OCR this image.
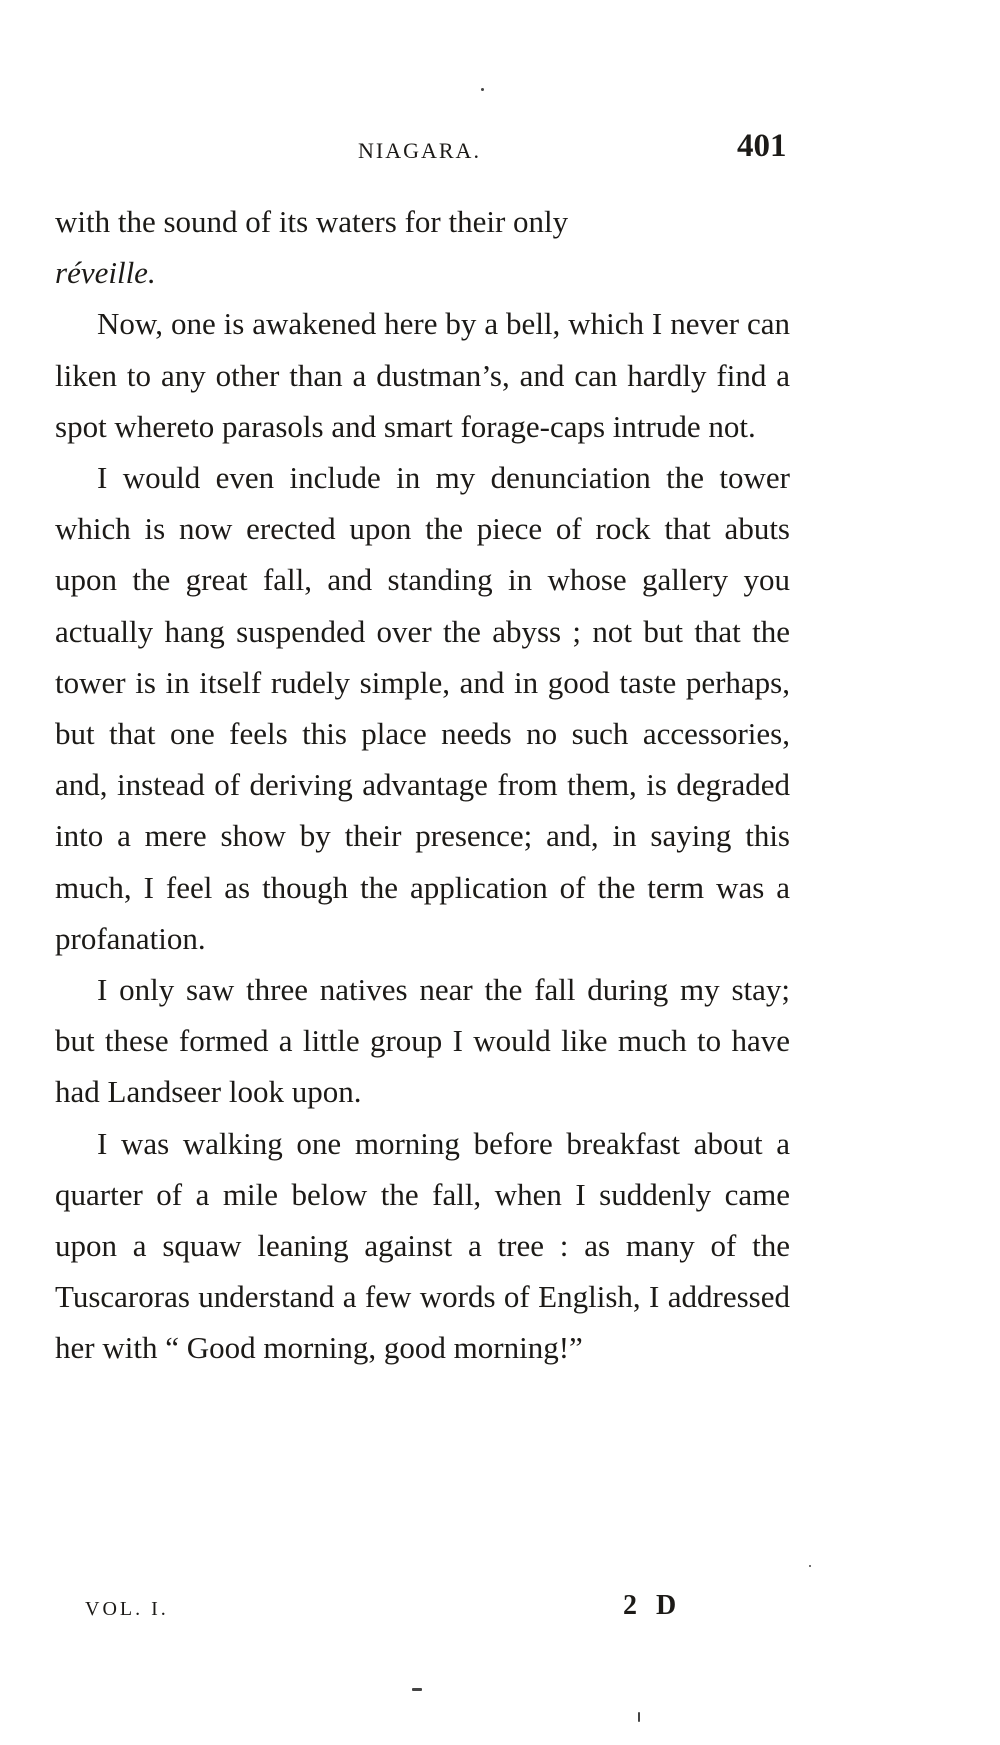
NIAGARA.	401

with the sound of its waters for their only
réveille.

Now, one is awakened here by a bell, which I never can liken to any other than a dustman’s, and can hardly find a spot whereto parasols and smart forage-caps intrude not.

I would even include in my denunciation the tower which is now erected upon the piece of rock that abuts upon the great fall, and standing in whose gallery you actually hang suspended over the abyss ; not but that the tower is in itself rudely simple, and in good taste perhaps, but that one feels this place needs no such accessories, and, instead of deriving advantage from them, is degraded into a mere show by their presence; and, in saying this much, I feel as though the application of the term was a profanation.

I only saw three natives near the fall during my stay; but these formed a little group I would like much to have had Landseer look upon.

I was walking one morning before breakfast about a quarter of a mile below the fall, when I suddenly came upon a squaw leaning against a tree : as many of the Tuscaroras understand a few words of English, I addressed her with “ Good morning, good morning!”

VOL. I.	2 D
